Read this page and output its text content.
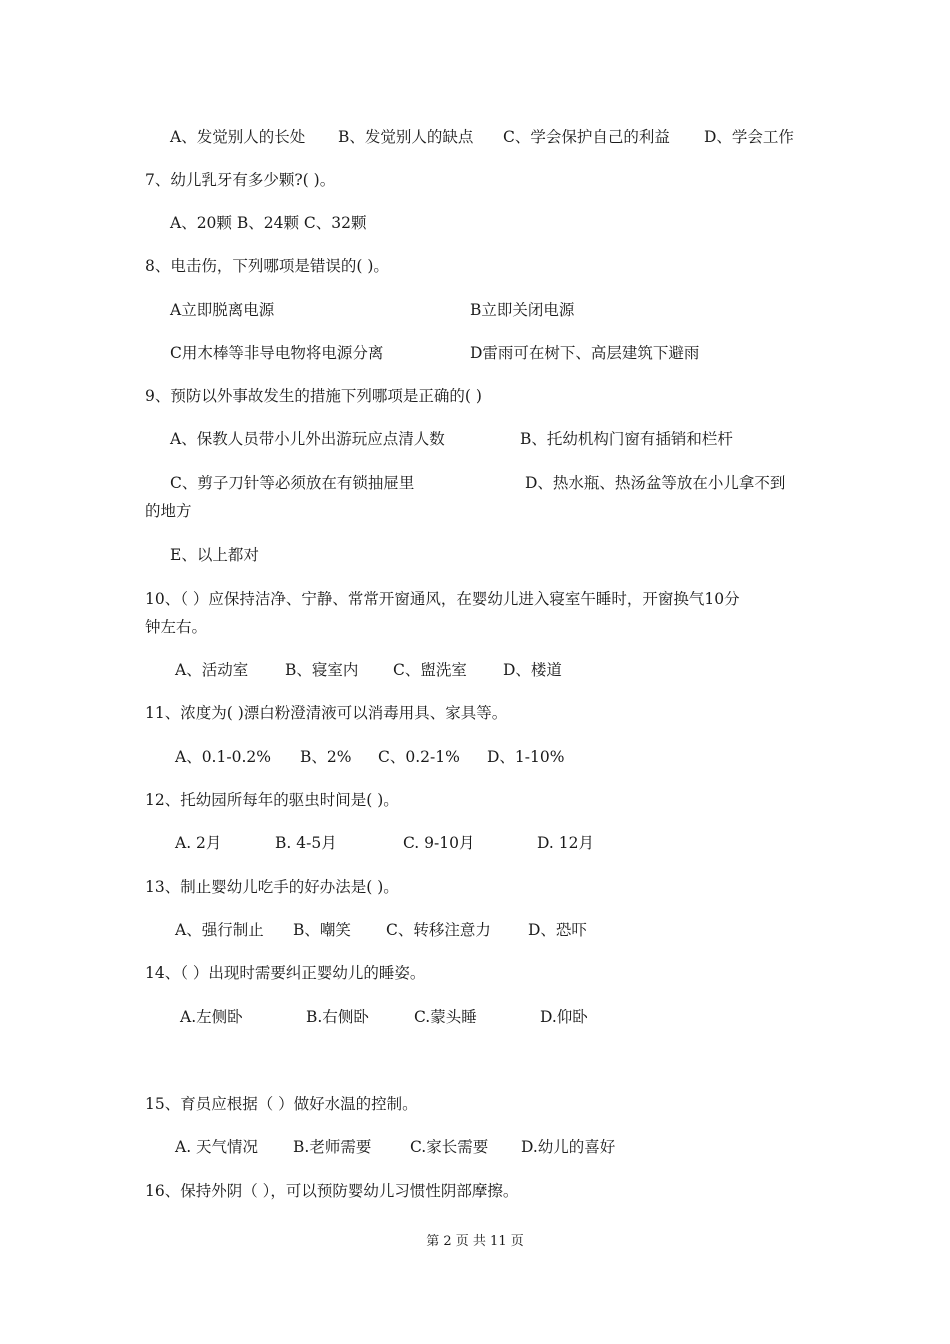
A、发觉别人的长处 B、发觉别人的缺点 C、学会保护自己的利益 D、学会工作
7、幼儿乳牙有多少颗?( )。
A、20颗 B、24颗 C、32颗
8、电击伤，下列哪项是错误的( )。
A立即脱离电源	B立即关闭电源
C用木棒等非导电物将电源分离	D雷雨可在树下、高层建筑下避雨
9、预防以外事故发生的措施下列哪项是正确的( )
A、保教人员带小儿外出游玩应点清人数	B、托幼机构门窗有插销和栏杆
C、剪子刀针等必须放在有锁抽屉里	D、热水瓶、热汤盆等放在小儿拿不到
的地方
E、以上都对
10、（ ）应保持洁净、宁静、常常开窗通风，在婴幼儿进入寝室午睡时，开窗换气10分
钟左右。
A、活动室 B、寝室内 C、盥洗室 D、楼道
11、浓度为( )漂白粉澄清液可以消毒用具、家具等。
A、0.1-0.2% B、2% C、0.2-1% D、1-10%
12、托幼园所每年的驱虫时间是( )。
A. 2月	B. 4-5月	C. 9-10月	D. 12月
13、制止婴幼儿吃手的好办法是( )。
A、强行制止 B、嘲笑 C、转移注意力 D、恐吓
14、（ ）出现时需要纠正婴幼儿的睡姿。
A.左侧卧	B.右侧卧	C.蒙头睡	D.仰卧
15、育员应根据（ ）做好水温的控制。
A. 天气情况 B.老师需要 C.家长需要 D.幼儿的喜好
16、保持外阴（ ），可以预防婴幼儿习惯性阴部摩擦。
第 2 页 共 11 页
